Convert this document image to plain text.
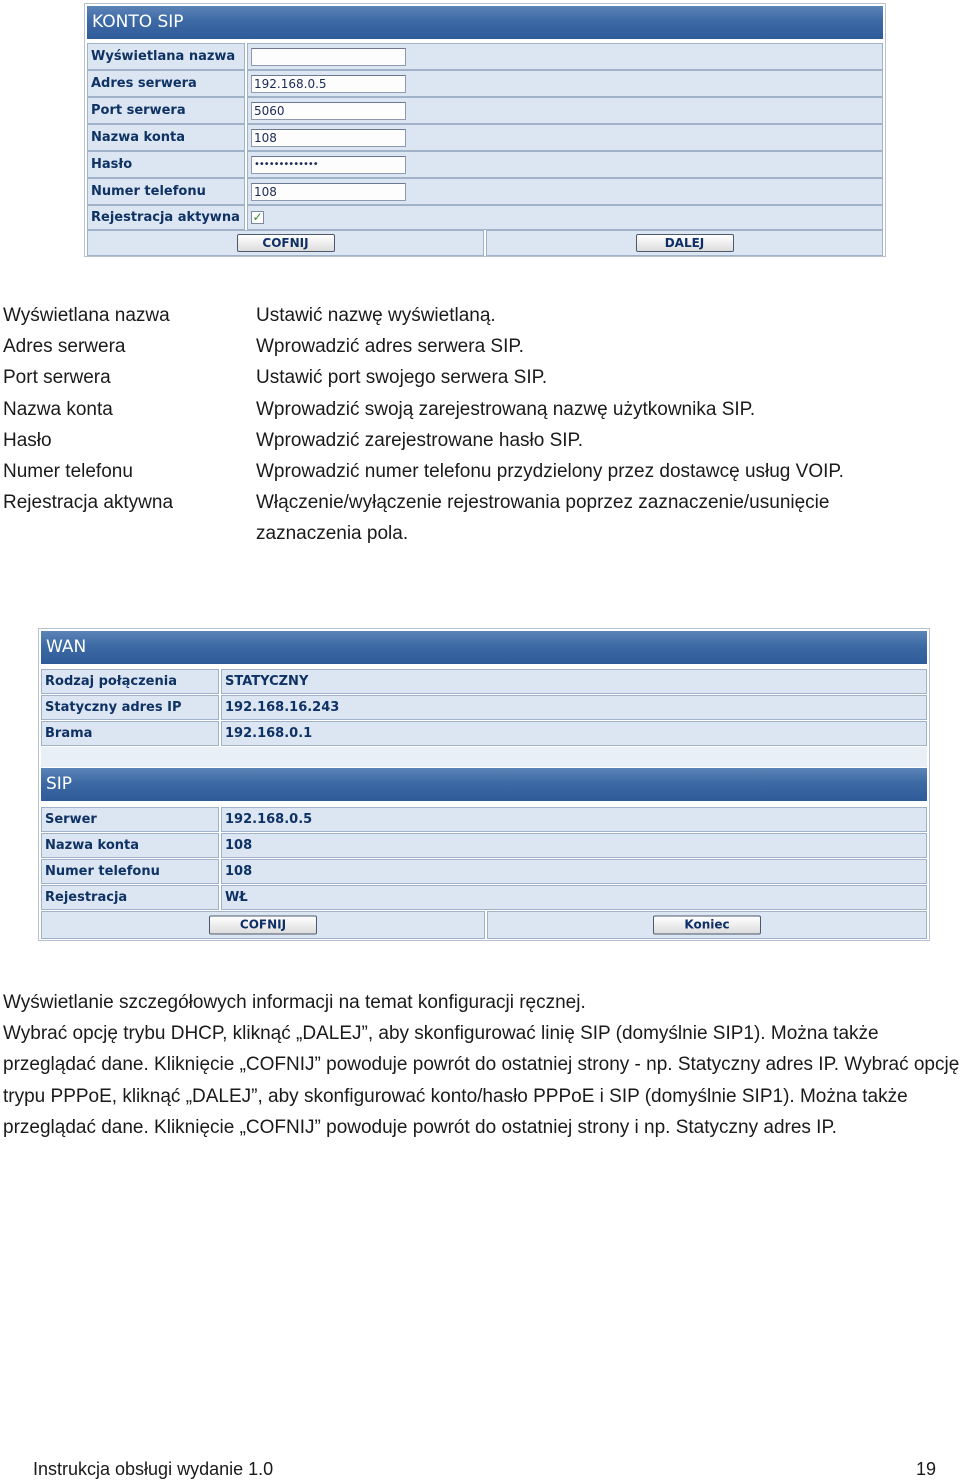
KONTO SIP
Wyświetlana nazwa
Adres serwera	192.168.0.5
Port serwera	5060
Nazwa konta	108
Hasło	•••••••••••••
Numer telefonu	108
Rejestracja aktywna	✓
COFNIJ	DALEJ
Wyświetlana nazwa	Ustawić nazwę wyświetlaną.
Adres serwera	Wprowadzić adres serwera SIP.
Port serwera	Ustawić port swojego serwera SIP.
Nazwa konta	Wprowadzić swoją zarejestrowaną nazwę użytkownika SIP.
Hasło	Wprowadzić zarejestrowane hasło SIP.
Numer telefonu	Wprowadzić numer telefonu przydzielony przez dostawcę usług VOIP.
Rejestracja aktywna	Włączenie/wyłączenie rejestrowania poprzez zaznaczenie/usunięcie zaznaczenia pola.
WAN
Rodzaj połączenia	STATYCZNY
Statyczny adres IP	192.168.16.243
Brama	192.168.0.1
SIP
Serwer	192.168.0.5
Nazwa konta	108
Numer telefonu	108
Rejestracja	WŁ
COFNIJ	Koniec
Wyświetlanie szczegółowych informacji na temat konfiguracji ręcznej.
Wybrać opcję trybu DHCP, kliknąć „DALEJ”, aby skonfigurować linię SIP (domyślnie SIP1). Można także przeglądać dane. Kliknięcie „COFNIJ” powoduje powrót do ostatniej strony - np. Statyczny adres IP. Wybrać opcję trypu PPPoE, kliknąć „DALEJ”, aby skonfigurować konto/hasło PPPoE i SIP (domyślnie SIP1). Można także przeglądać dane. Kliknięcie „COFNIJ” powoduje powrót do ostatniej strony i np. Statyczny adres IP.
Instrukcja obsługi wydanie 1.0	19
